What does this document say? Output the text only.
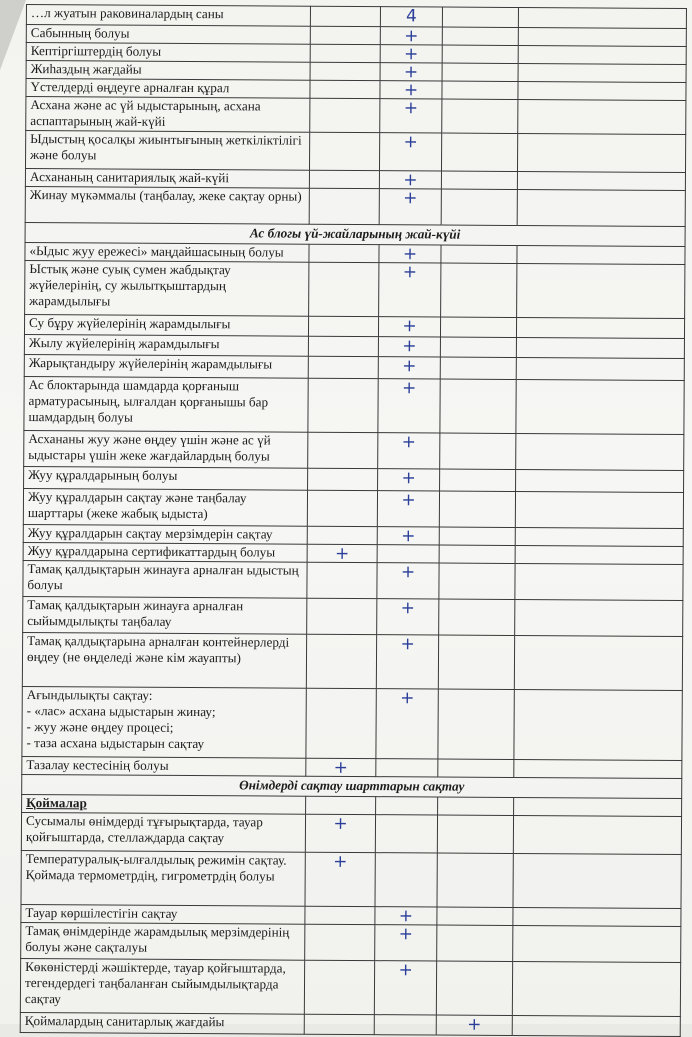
…л жуатын раковиналардың саны		4		

Сабынның болуы		+		

Кептіргіштердің болуы		+		

Жиһаздың жағдайы		+		

Үстелдерді өңдеуге арналған құрал		+		

Асхана және ас үй ыдыстарының, асхана аспаптарының жай-күйі		+		

Ыдыстың қосалқы жиынтығының жеткіліктілігі және болуы		+		

Асхананың санитариялық жай-күйі		+		

Жинау мүкәммалы (таңбалау, жеке сақтау орны)		+		

Ас блогы үй-жайларының жай-күйі				
«Ыдыс жуу ережесі» маңдайшасының болуы		+		

Ыстық және суық сумен жабдықтау жүйелерінің, су жылытқыштардың жарамдылығы		+		

Су бұру жүйелерінің жарамдылығы		+		

Жылу жүйелерінің жарамдылығы		+		

Жарықтандыру жүйелерінің жарамдылығы		+		

Ас блоктарында шамдарда қорғаныш арматурасының, ылғалдан қорғанышы бар шамдардың болуы		+		

Асхананы жуу және өңдеу үшін және ас үй ыдыстары үшін жеке жағдайлардың болуы		+		

Жуу құралдарының болуы		+		

Жуу құралдарын сақтау және таңбалау шарттары (жеке жабық ыдыста)		+		

Жуу құралдарын сақтау мерзімдерін сақтау		+		

Жуу құралдарына сертификаттардың болуы	+			

Тамақ қалдықтарын жинауға арналған ыдыстың болуы		+		

Тамақ қалдықтарын жинауға арналған сыйымдылықты таңбалау		+		

Тамақ қалдықтарына арналған контейнерлерді өңдеу (не өңделеді және кім жауапты)		+		

Ағындылықты сақтау:
- «лас» асхана ыдыстарын жинау;
- жуу және өңдеу процесі;
- таза асхана ыдыстарын сақтау		+		

Тазалау кестесінің болуы	+			

Өнімдерді сақтау шарттарын сақтау				
Қоймалар				
Сусымалы өнімдерді тұғырықтарда, тауар қойғыштарда, стеллаждарда сақтау	+			

Температуралық-ылғалдылық режимін сақтау. Қоймада термометрдің, гигрометрдің болуы	+			

Тауар көршілестігін сақтау		+		

Тамақ өнімдерінде жарамдылық мерзімдерінің болуы және сақталуы		+		

Көкөністерді жәшіктерде, тауар қойғыштарда, тегендердегі таңбаланған сыйымдылықтарда сақтау		+		

Қоймалардың санитарлық жағдайы			+	
